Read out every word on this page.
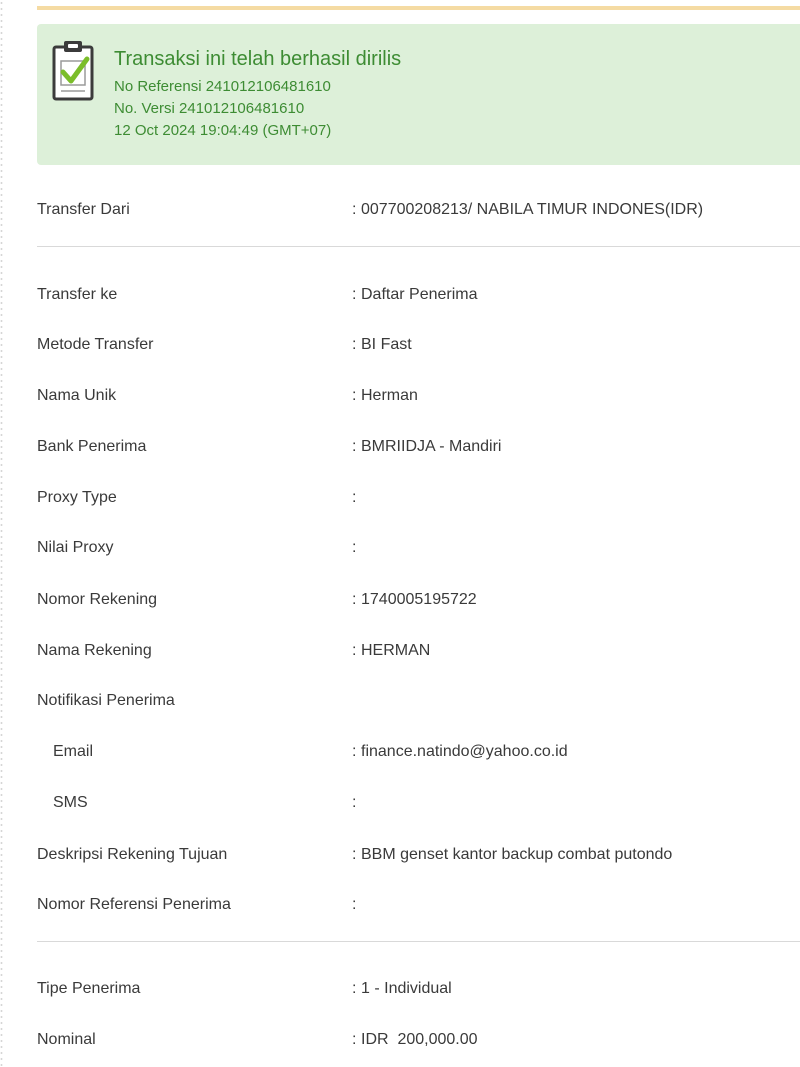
Transaksi ini telah berhasil dirilis
No Referensi 241012106481610
No. Versi 241012106481610
12 Oct 2024 19:04:49 (GMT+07)
Transfer Dari	: 007700208213/ NABILA TIMUR INDONES(IDR)
Transfer ke	: Daftar Penerima
Metode Transfer	: BI Fast
Nama Unik	: Herman
Bank Penerima	: BMRIIDJA - Mandiri
Proxy Type	:
Nilai Proxy	:
Nomor Rekening	: 1740005195722
Nama Rekening	: HERMAN
Notifikasi Penerima
Email	: finance.natindo@yahoo.co.id
SMS	:
Deskripsi Rekening Tujuan	: BBM genset kantor backup combat putondo
Nomor Referensi Penerima	:
Tipe Penerima	: 1 - Individual
Nominal	: IDR  200,000.00
